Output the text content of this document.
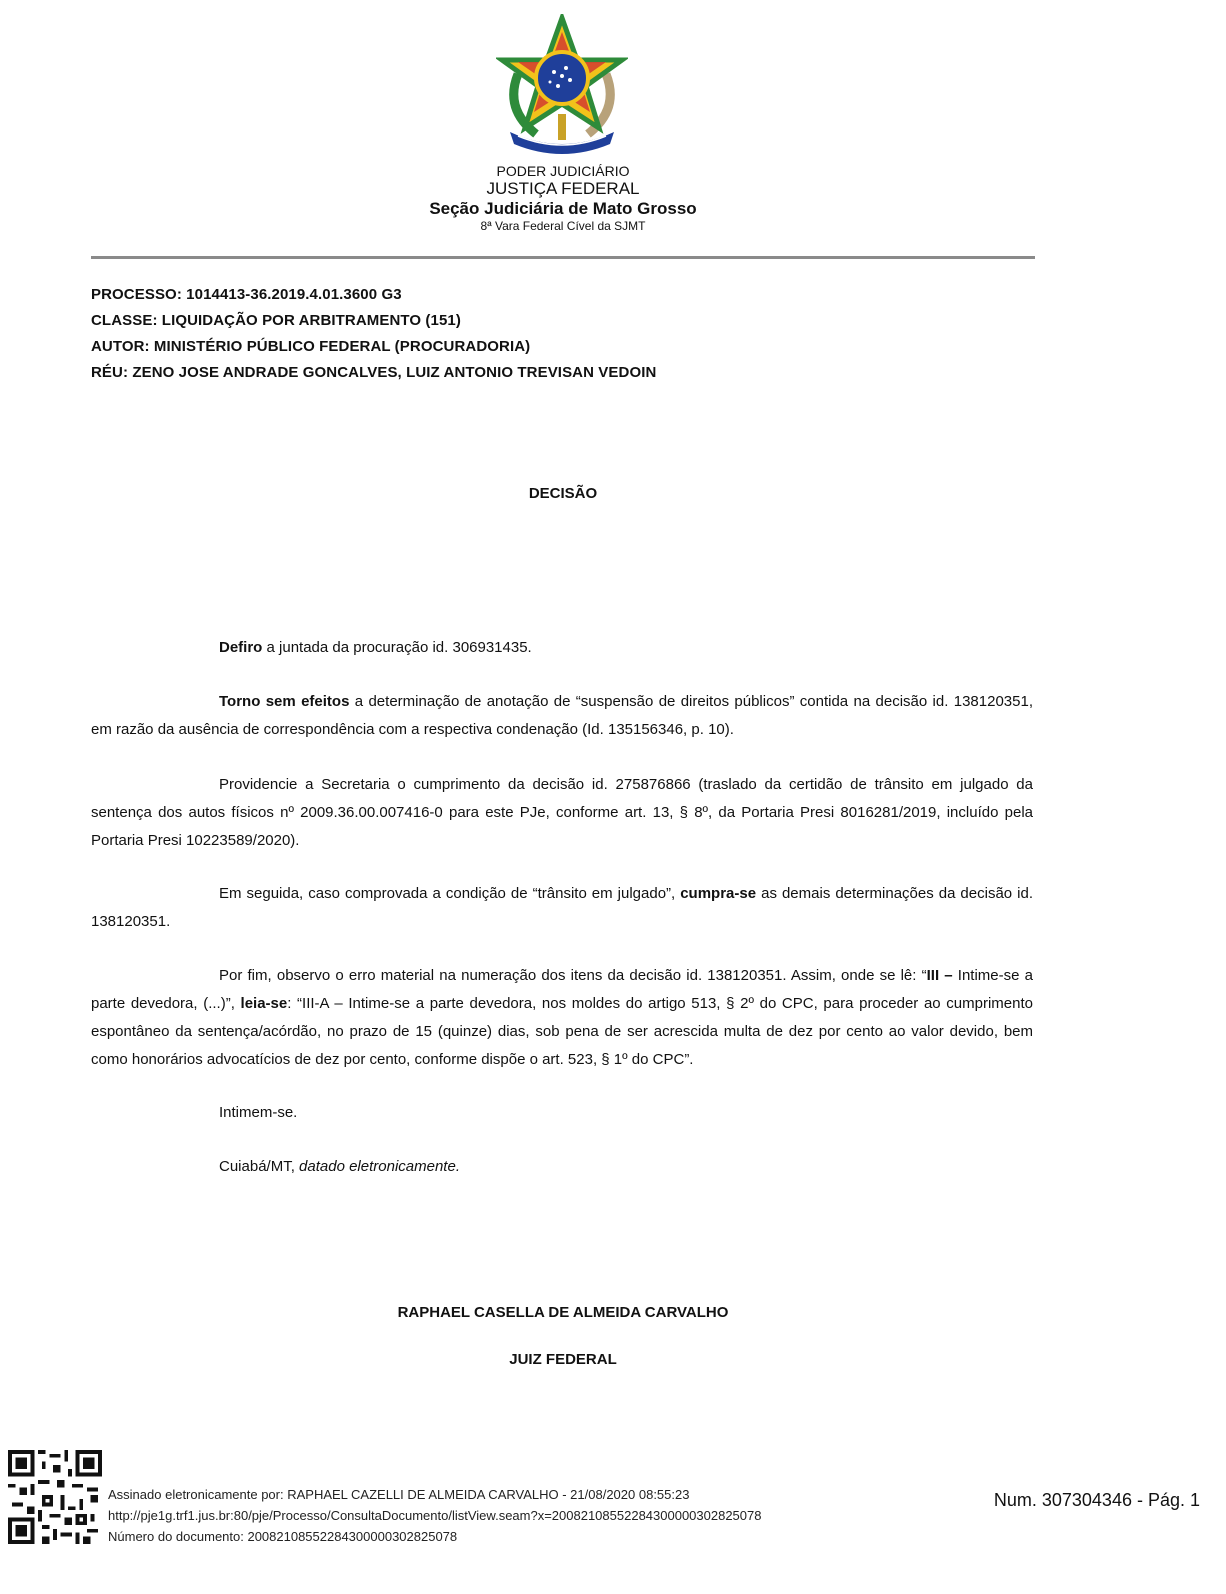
PODER JUDICIÁRIO
JUSTIÇA FEDERAL
Seção Judiciária de Mato Grosso
8ª Vara Federal Cível da SJMT
PROCESSO: 1014413-36.2019.4.01.3600 G3
CLASSE: LIQUIDAÇÃO POR ARBITRAMENTO (151)
AUTOR: MINISTÉRIO PÚBLICO FEDERAL (PROCURADORIA)
RÉU: ZENO JOSE ANDRADE GONCALVES, LUIZ ANTONIO TREVISAN VEDOIN
DECISÃO

Defiro a juntada da procuração id. 306931435.

Torno sem efeitos a determinação de anotação de “suspensão de direitos públicos” contida na decisão id. 138120351, em razão da ausência de correspondência com a respectiva condenação (Id. 135156346, p. 10).

Providencie a Secretaria o cumprimento da decisão id. 275876866 (traslado da certidão de trânsito em julgado da sentença dos autos físicos nº 2009.36.00.007416-0 para este PJe, conforme art. 13, § 8º, da Portaria Presi 8016281/2019, incluído pela Portaria Presi 10223589/2020).

Em seguida, caso comprovada a condição de “trânsito em julgado”, cumpra-se as demais determinações da decisão id. 138120351.

Por fim, observo o erro material na numeração dos itens da decisão id. 138120351. Assim, onde se lê: “III – Intime-se a parte devedora, (...)”, leia-se: “III-A – Intime-se a parte devedora, nos moldes do artigo 513, § 2º do CPC, para proceder ao cumprimento espontâneo da sentença/acórdão, no prazo de 15 (quinze) dias, sob pena de ser acrescida multa de dez por cento ao valor devido, bem como honorários advocatícios de dez por cento, conforme dispõe o art. 523, § 1º do CPC”.

Intimem-se.

Cuiabá/MT, datado eletronicamente.

RAPHAEL CASELLA DE ALMEIDA CARVALHO
JUIZ FEDERAL
Assinado eletronicamente por: RAPHAEL CAZELLI DE ALMEIDA CARVALHO - 21/08/2020 08:55:23
http://pje1g.trf1.jus.br:80/pje/Processo/ConsultaDocumento/listView.seam?x=20082108552284300000302825078
Número do documento: 20082108552284300000302825078
Num. 307304346 - Pág. 1
